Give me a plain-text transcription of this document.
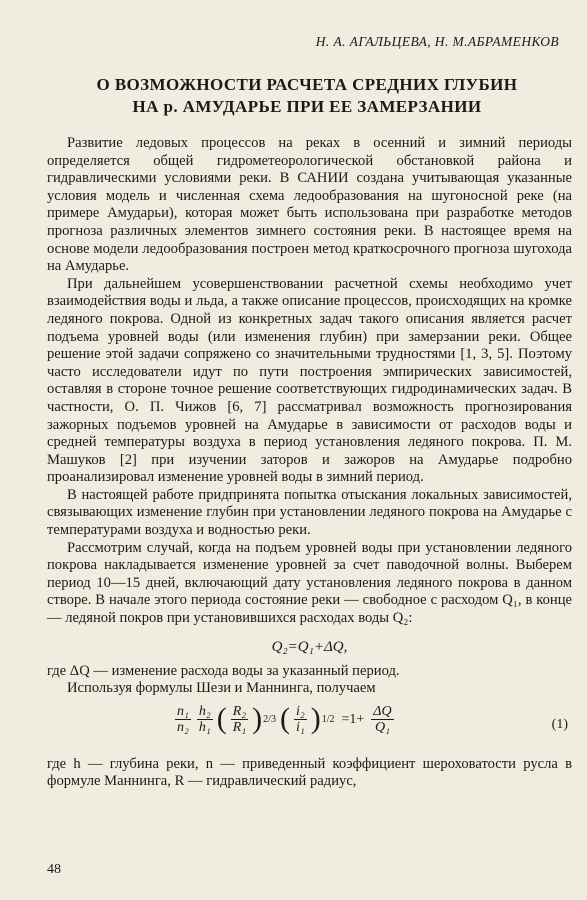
Н. А. АГАЛЬЦЕВА, Н. М.АБРАМЕНКОВ
О ВОЗМОЖНОСТИ РАСЧЕТА СРЕДНИХ ГЛУБИН
НА р. АМУДАРЬЕ ПРИ ЕЕ ЗАМЕРЗАНИИ

Развитие ледовых процессов на реках в осенний и зимний периоды определяется общей гидрометеорологической обстановкой района и гидравлическими условиями реки. В САНИИ создана учитывающая указанные условия модель и численная схема ледообразования на шугоносной реке (на примере Амударьи), которая может быть использована при разработке методов прогноза различных элементов зимнего состояния реки. В настоящее время на основе модели ледообразования построен метод краткосрочного прогноза шугохода на Амударье.

При дальнейшем усовершенствовании расчетной схемы необходимо учет взаимодействия воды и льда, а также описание процессов, происходящих на кромке ледяного покрова. Одной из конкретных задач такого описания является расчет подъема уровней воды (или изменения глубин) при замерзании реки. Общее решение этой задачи сопряжено со значительными трудностями [1, 3, 5]. Поэтому часто исследователи идут по пути построения эмпирических зависимостей, оставляя в стороне точное решение соответствующих гидродинамических задач. В частности, О. П. Чижов [6, 7] рассматривал возможность прогнозирования зажорных подъемов уровней на Амударье в зависимости от расходов воды и средней температуры воздуха в период установления ледяного покрова. П. М. Машуков [2] при изучении заторов и зажоров на Амударье подробно проанализировал изменение уровней воды в зимний период.

В настоящей работе придпринята попытка отыскания локальных зависимостей, связывающих изменение глубин при установлении ледяного покрова на Амударье с температурами воздуха и водностью реки.

Рассмотрим случай, когда на подъем уровней воды при установлении ледяного покрова накладывается изменение уровней за счет паводочной волны. Выберем период 10—15 дней, включающий дату установления ледяного покрова в данном створе. В начале этого периода состояние реки — свободное с расходом Q₁, в конце — ледяной покров при установившихся расходах воды Q₂:

Q₂=Q₁+ΔQ,

где ΔQ — изменение расхода воды за указанный период.

Используя формулы Шези и Маннинга, получаем

$\frac{\text{n₁}}{\text{n₂}} \frac{\text{h₂}}{\text{h₁}}$ ( $\frac{\text{R₂}}{\text{R₁}}$ ) 2/3 ( $\frac{\text{i₂}}{\text{i₁}}$ ) $1/2 =1+ \frac{\Delta Q}{\text{Q₁}}$	(1)

где h — глубина реки, n — приведенный коэффициент шероховатости русла в формуле Маннинга, R — гидравлический радиус,

48
